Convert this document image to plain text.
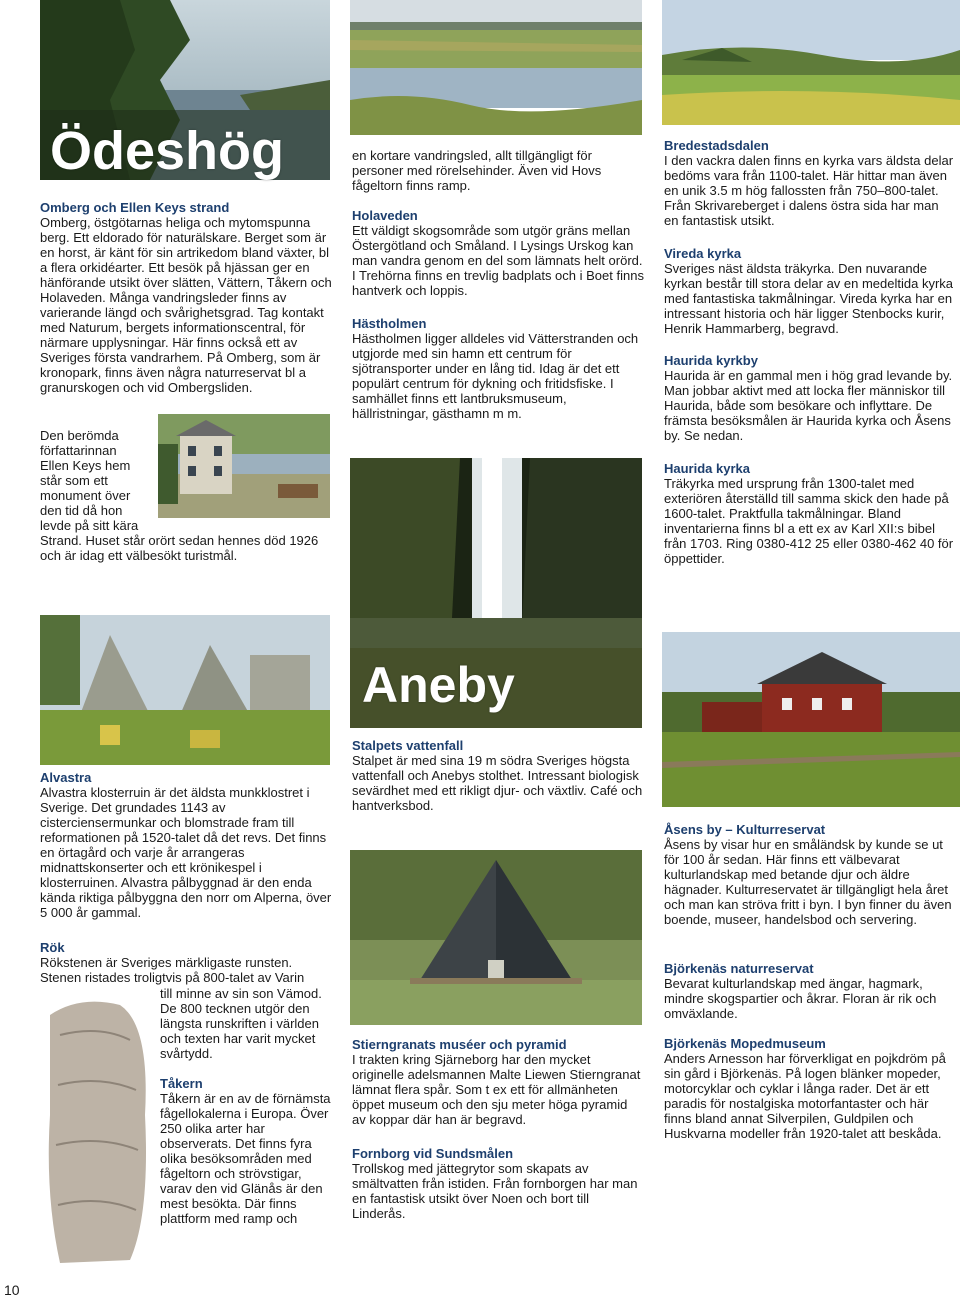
Aneby
Ödeshög

Omberg och Ellen Keys strand

Omberg, östgötarnas heliga och mytomspunna berg. Ett eldorado för naturälskare. Berget som är en horst, är känt för sin artrikedom bland växter, bl a flera orkidéarter. Ett besök på hjässan ger en hänförande utsikt över slätten, Vättern, Tåkern och Holaveden. Många vandringsleder finns av varierande längd och svårighetsgrad. Tag kontakt med Naturum, bergets informationscentral, för närmare upplysningar. Här finns också ett av Sveriges första vandrarhem. På Omberg, som är kronopark, finns även några naturreservat bl a granurskogen och vid Ombergsliden.

Den berömda

författarinnan

Ellen Keys hem

står som ett

monument över

den tid då hon

levde på sitt kära

Strand. Huset står orört sedan hennes död 1926 och är idag ett välbesökt turistmål.
en kortare vandringsled, allt tillgängligt för personer med rörelsehinder. Även vid Hovs fågeltorn finns ramp.

Holaveden

Ett väldigt skogsområde som utgör gräns mellan Östergötland och Småland. I Lysings Urskog kan man vandra genom en del som lämnats helt orörd. I Trehörna finns en trevlig badplats och i Boet finns hantverk och loppis.

Hästholmen

Hästholmen ligger alldeles vid Vätterstranden och utgjorde med sin hamn ett centrum för sjötransporter under en lång tid. Idag är det ett populärt centrum för dykning och fritidsfiske. I samhället finns ett lantbruksmuseum, hällristningar, gästhamn m m.

Bredestadsdalen

I den vackra dalen finns en kyrka vars äldsta delar bedöms vara från 1100-talet. Här hittar man även en unik 3.5 m hög fallossten från 750–800-talet. Från Skrivareberget i dalens östra sida har man en fantastisk utsikt.

Vireda kyrka

Sveriges näst äldsta träkyrka. Den nuvarande kyrkan består till stora delar av en medeltida kyrka med fantastiska takmålningar. Vireda kyrka har en intressant historia och här ligger Stenbocks kurir, Henrik Hammarberg, begravd.

Haurida kyrkby

Haurida är en gammal men i hög grad levande by. Man jobbar aktivt med att locka fler människor till Haurida, både som besökare och inflyttare. De främsta besöksmålen är Haurida kyrka och Åsens by. Se nedan.

Haurida kyrka

Träkyrka med ursprung från 1300-talet med exteriören återställd till samma skick den hade på 1600-talet. Praktfulla takmålningar. Bland inventarierna finns bl a ett ex av Karl XII:s bibel från 1703. Ring 0380-412 25 eller 0380-462 40 för öppettider.

Alvastra

Alvastra klosterruin är det äldsta munkklostret i Sverige. Det grundades 1143 av cisterciensermunkar och blomstrade fram till reformationen på 1520-talet då det revs. Det finns en örtagård och varje år arrangeras midnattskonserter och ett krönikespel i klosterruinen. Alvastra pålbyggnad är den enda kända riktiga pålbyggna den norr om Alperna, över 5 000 år gammal.

Rök

Rökstenen är Sveriges märkligaste runsten. Stenen ristades troligtvis på 800-talet av Varin

till minne av sin son Vämod. De 800 tecknen utgör den längsta runskriften i världen och texten har varit mycket svårtydd.

Tåkern

Tåkern är en av de förnämsta fågellokalerna i Europa. Över 250 olika arter har observerats. Det finns fyra olika besöksområden med fågeltorn och strövstigar, varav den vid Glänås är den mest besökta. Där finns plattform med ramp och

Stalpets vattenfall

Stalpet är med sina 19 m södra Sveriges högsta vattenfall och Anebys stolthet. Intressant biologisk sevärdhet med ett rikligt djur- och växtliv. Café och hantverksbod.

Stierngranats muséer och pyramid

I trakten kring Sjärneborg har den mycket originelle adelsmannen Malte Liewen Stierngranat lämnat flera spår. Som t ex ett för allmänheten öppet museum och den sju meter höga pyramid av koppar där han är begravd.

Fornborg vid Sundsmålen

Trollskog med jättegrytor som skapats av smältvatten från istiden. Från fornborgen har man en fantastisk utsikt över Noen och bort till Linderås.

Åsens by – Kulturreservat

Åsens by visar hur en småländsk by kunde se ut för 100 år sedan. Här finns ett välbevarat kulturlandskap med betande djur och äldre hägnader. Kulturreservatet är tillgängligt hela året och man kan ströva fritt i byn. I byn finner du även boende, museer, handelsbod och servering.

Björkenäs naturreservat

Bevarat kulturlandskap med ängar, hagmark, mindre skogspartier och åkrar. Floran är rik och omväxlande.

Björkenäs Mopedmuseum

Anders Arnesson har förverkligat en pojkdröm på sin gård i Björkenäs. På logen blänker mopeder, motorcyklar och cyklar i långa rader. Det är ett paradis för nostalgiska motorfantaster och här finns bland annat Silverpilen, Guldpilen och Huskvarna modeller från 1920-talet att beskåda.

10
